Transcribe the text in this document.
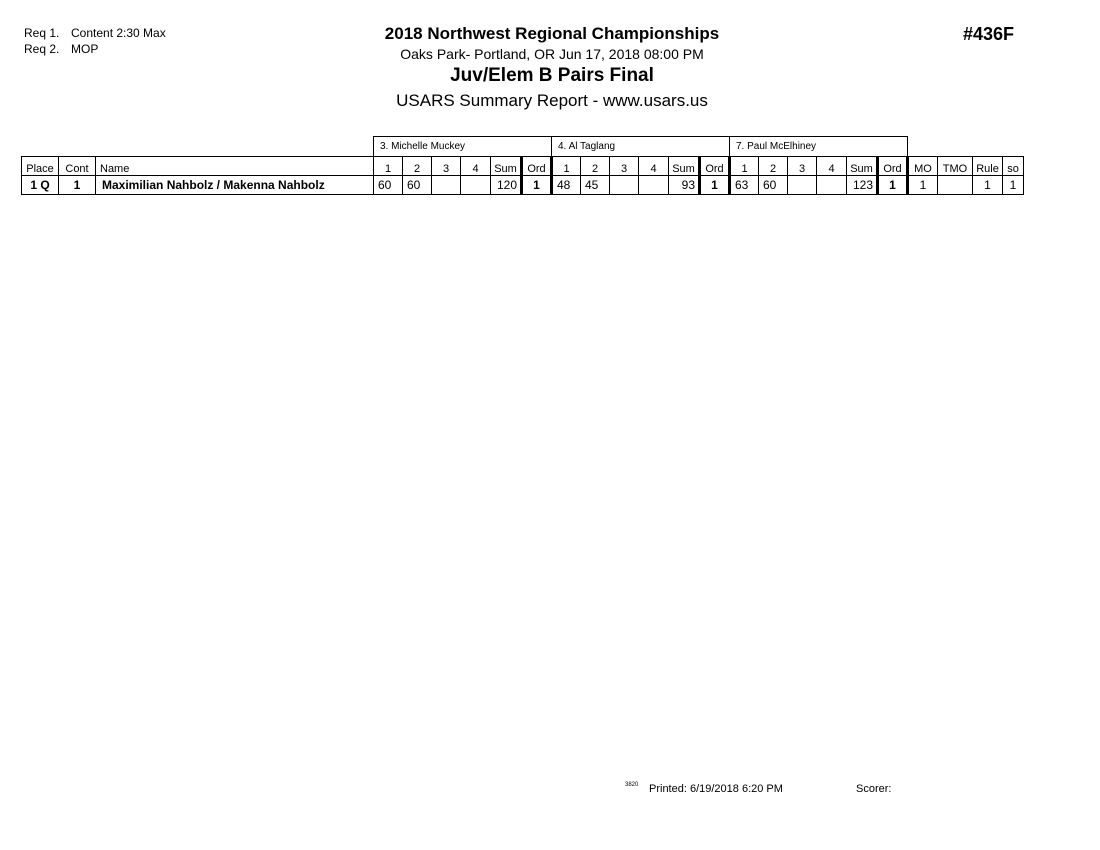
Req 1. Content 2:30 Max
Req 2. MOP
2018 Northwest Regional Championships
Oaks Park- Portland, OR Jun 17, 2018 08:00 PM
Juv/Elem B Pairs Final
USARS Summary Report - www.usars.us
#436F
			3. Michelle Muckey						4. Al Taglang						7. Paul McElhiney									
Place	Cont	Name	1	2	3	4	Sum	Ord	1	2	3	4	Sum	Ord	1	2	3	4	Sum	Ord	MO	TMO	Rule	so
1 Q	1	Maximilian Nahbolz / Makenna Nahbolz	60	60			120	1	48	45			93	1	63	60			123	1	1		1	1
3820 Printed: 6/19/2018 6:20 PM	Scorer:
